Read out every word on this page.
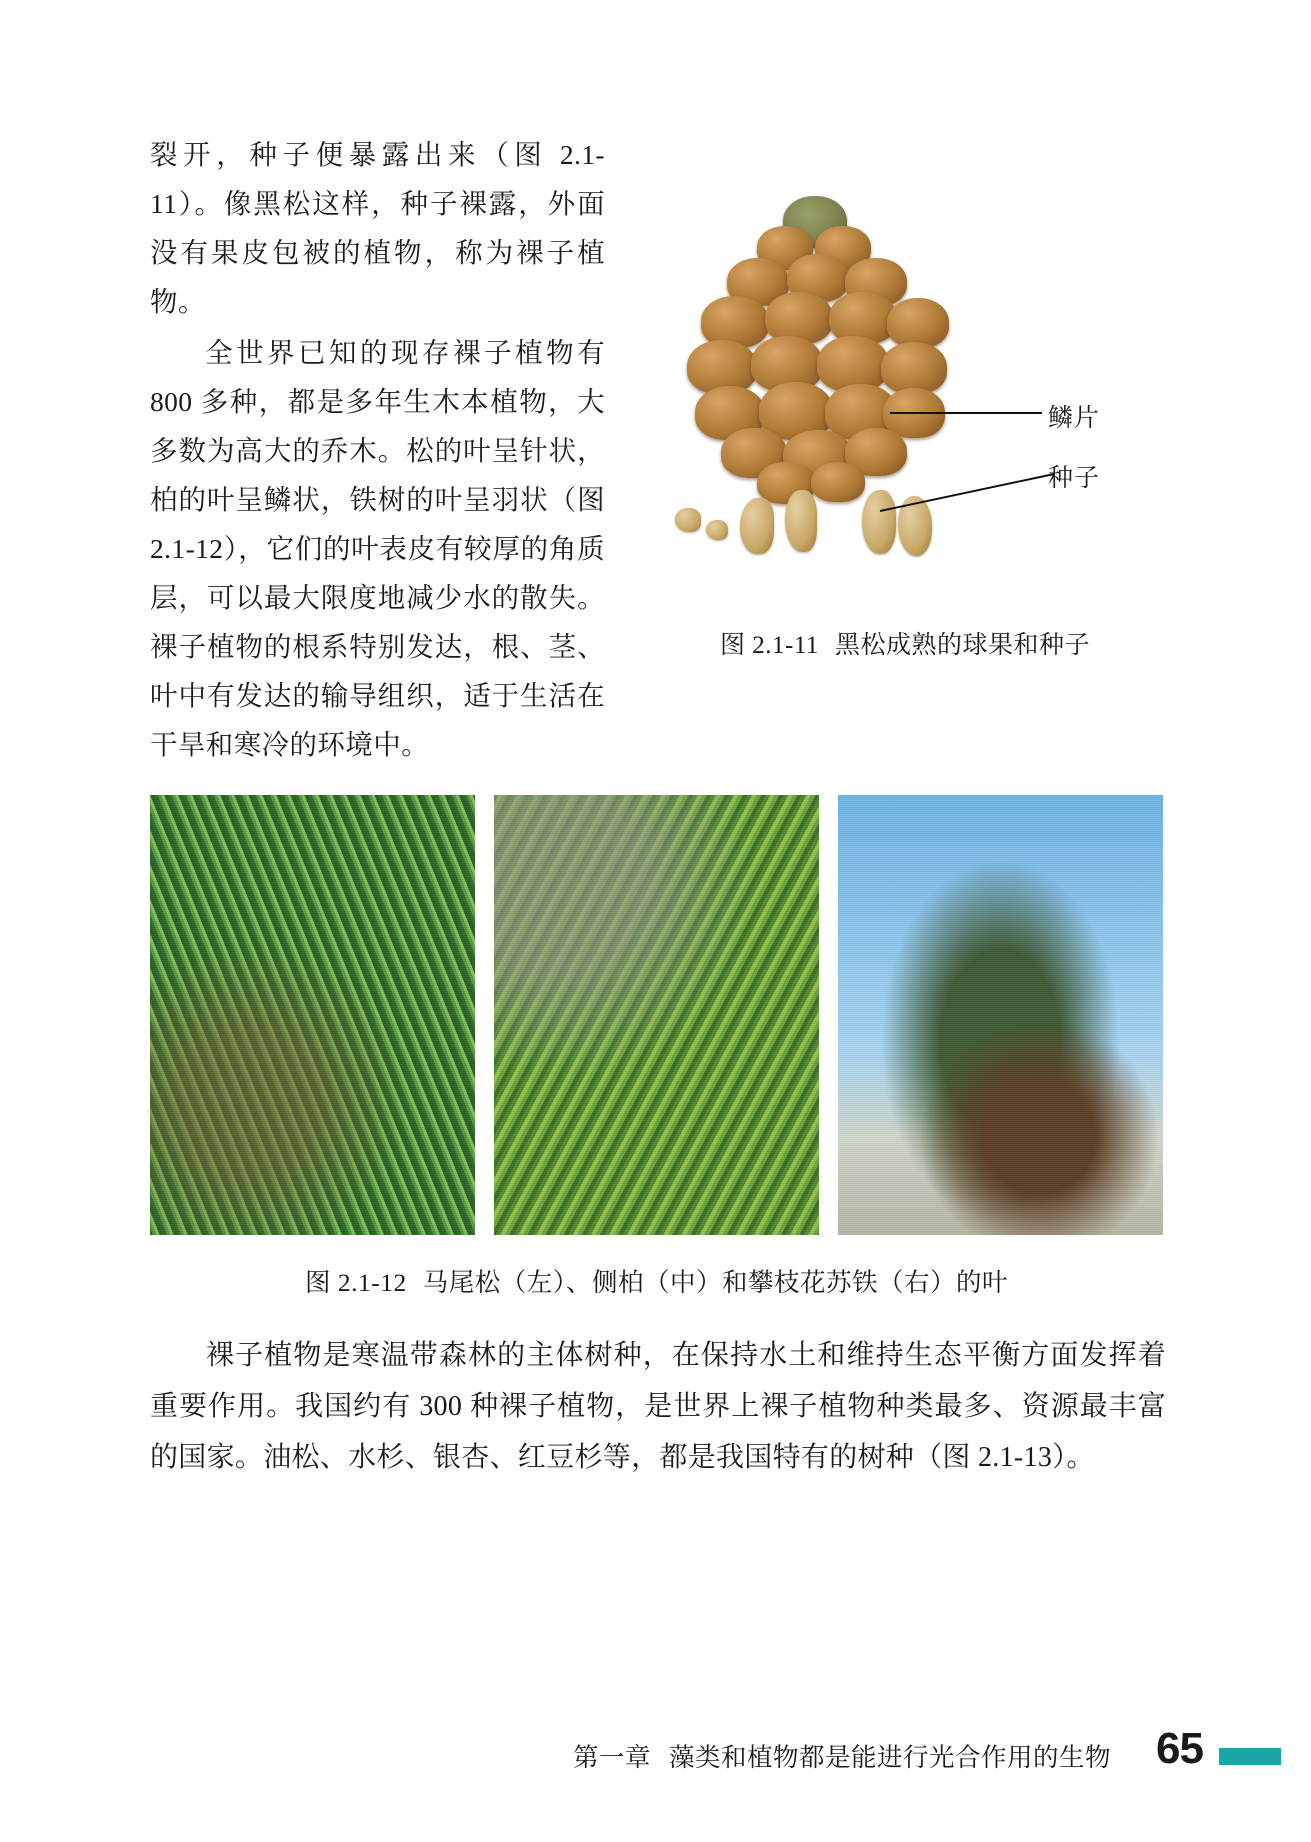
裂开，种子便暴露出来（图 2.1-11）。像黑松这样，种子裸露，外面没有果皮包被的植物，称为裸子植物。

全世界已知的现存裸子植物有 800 多种，都是多年生木本植物，大多数为高大的乔木。松的叶呈针状，柏的叶呈鳞状，铁树的叶呈羽状（图 2.1-12），它们的叶表皮有较厚的角质层，可以最大限度地减少水的散失。裸子植物的根系特别发达，根、茎、叶中有发达的输导组织，适于生活在干旱和寒冷的环境中。

鳞片
种子
图 2.1-11 黑松成熟的球果和种子
图 2.1-12 马尾松（左）、侧柏（中）和攀枝花苏铁（右）的叶

裸子植物是寒温带森林的主体树种，在保持水土和维持生态平衡方面发挥着重要作用。我国约有 300 种裸子植物，是世界上裸子植物种类最多、资源最丰富的国家。油松、水杉、银杏、红豆杉等，都是我国特有的树种（图 2.1-13）。

第一章 藻类和植物都是能进行光合作用的生物 65
